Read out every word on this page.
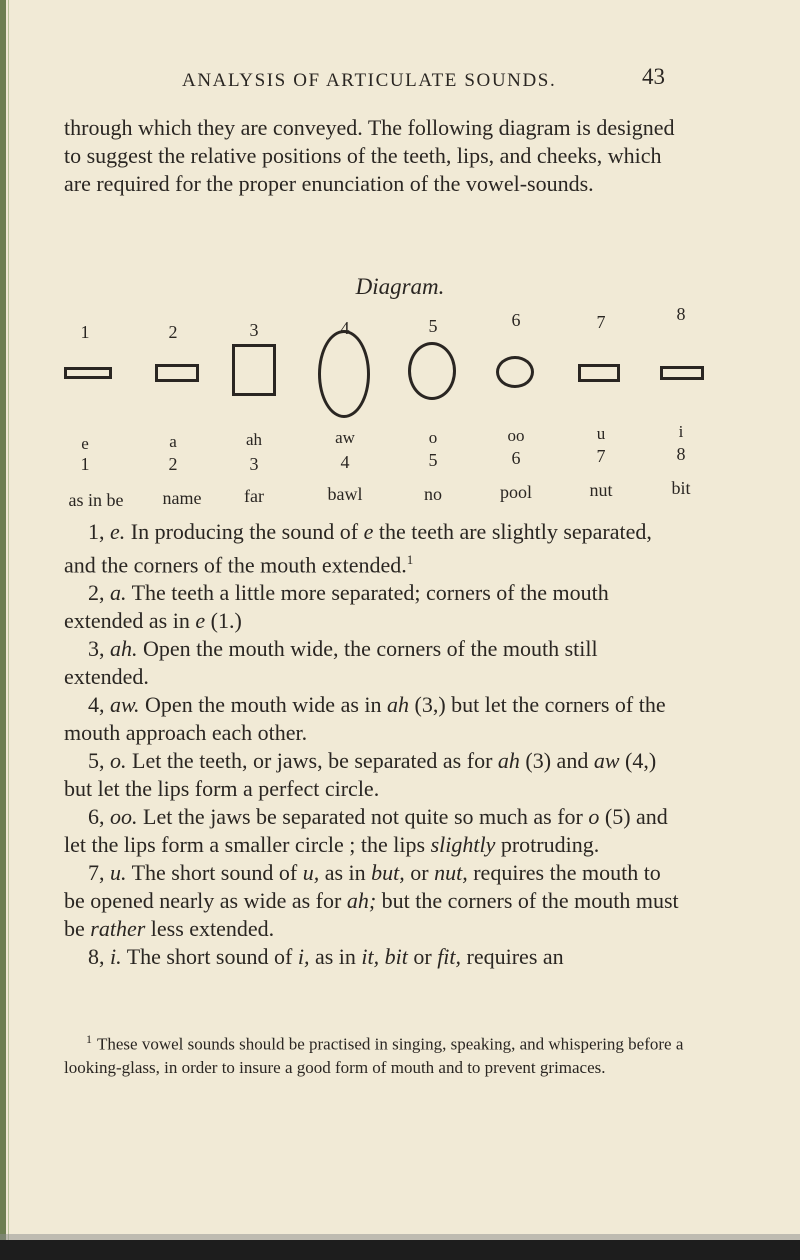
ANALYSIS OF ARTICULATE SOUNDS.	43
through which they are conveyed. The following diagram is designed to suggest the relative positions of the teeth, lips, and cheeks, which are required for the proper enunciation of the vowel-sounds.
Diagram.
1	2	3	4	5	6	7	8
e	a	ah	aw	o	oo	u	i
1	2	3	4	5	6	7	8
as in be	name	far	bawl	no	pool	nut	bit

1, e. In producing the sound of e the teeth are slightly separated, and the corners of the mouth extended.$^1$

2, a. The teeth a little more separated; corners of the mouth extended as in e (1.)

3, ah. Open the mouth wide, the corners of the mouth still extended.

4, aw. Open the mouth wide as in ah (3,) but let the corners of the mouth approach each other.

5, o. Let the teeth, or jaws, be separated as for ah (3) and aw (4,) but let the lips form a perfect circle.

6, oo. Let the jaws be separated not quite so much as for o (5) and let the lips form a smaller circle ; the lips slightly protruding.

7, u. The short sound of u, as in but, or nut, requires the mouth to be opened nearly as wide as for ah; but the corners of the mouth must be rather less extended.

8, i. The short sound of i, as in it, bit or fit, requires an

$^1$ These vowel sounds should be practised in singing, speaking, and whispering before a looking-glass, in order to insure a good form of mouth and to prevent grimaces.
